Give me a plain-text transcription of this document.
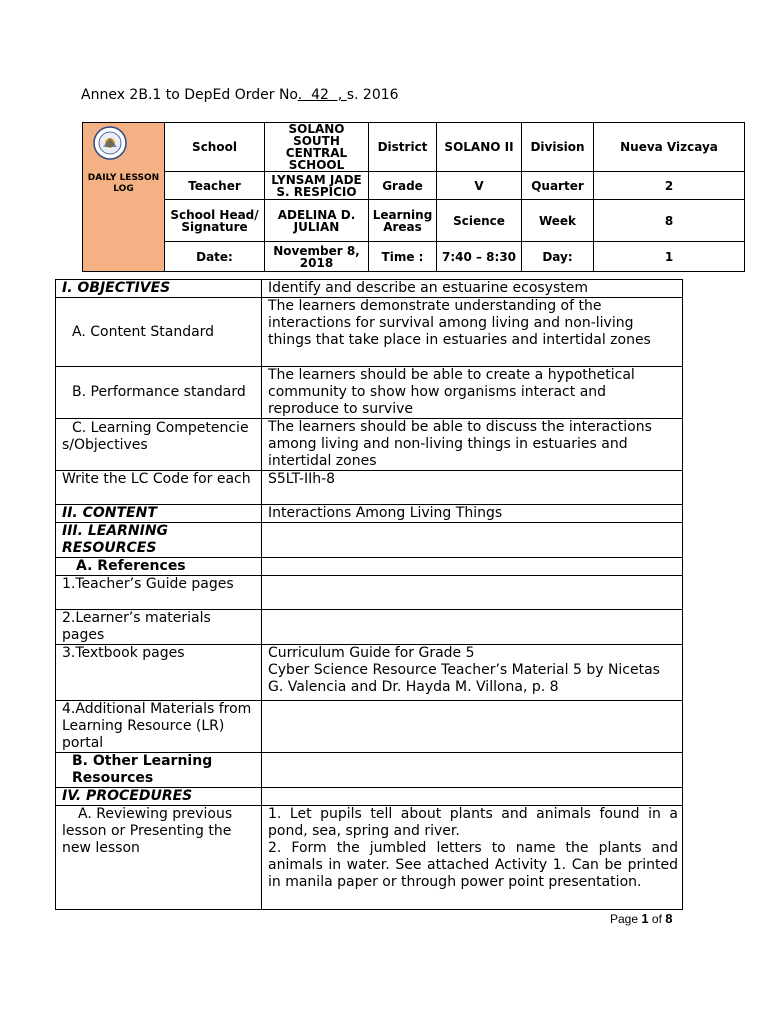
Annex 2B.1 to DepEd Order No.  42  , s. 2016
DAILY LESSON LOG	School	SOLANO SOUTH CENTRAL SCHOOL	District	SOLANO II	Division	Nueva Vizcaya
	Teacher	LYNSAM JADE S. RESPICIO	Grade	V	Quarter	2
	School Head/ Signature	ADELINA D. JULIAN	Learning Areas	Science	Week	8
	Date:	November 8, 2018	Time :	7:40 – 8:30	Day:	1
I. OBJECTIVES	Identify and describe an estuarine ecosystem
A. Content Standard	The learners demonstrate understanding of the interactions for survival among living and non-living things that take place in estuaries and intertidal zones
B. Performance standard	The learners should be able to create a hypothetical community to show how organisms interact and reproduce to survive
C. Learning Competencies/Objectives	The learners should be able to discuss the interactions among living and non-living things in estuaries and intertidal zones
Write the LC Code for each	S5LT-IIh-8
II. CONTENT	Interactions Among Living Things
III. LEARNING RESOURCES	
A. References	
1.Teacher’s Guide pages	
2.Learner’s materials pages	
3.Textbook pages	Curriculum Guide for Grade 5
Cyber Science Resource Teacher’s Material 5 by Nicetas G. Valencia and Dr. Hayda M. Villona, p. 8

4.Additional Materials from Learning Resource (LR) portal	
B. Other Learning Resources	
IV. PROCEDURES	
A. Reviewing previous lesson or Presenting the new lesson	1. Let pupils tell about plants and animals found in a pond, sea, spring and river.
2. Form the jumbled letters to name the plants and animals in water. See attached Activity 1. Can be printed in manila paper or through power point presentation.
Page 1 of 8
